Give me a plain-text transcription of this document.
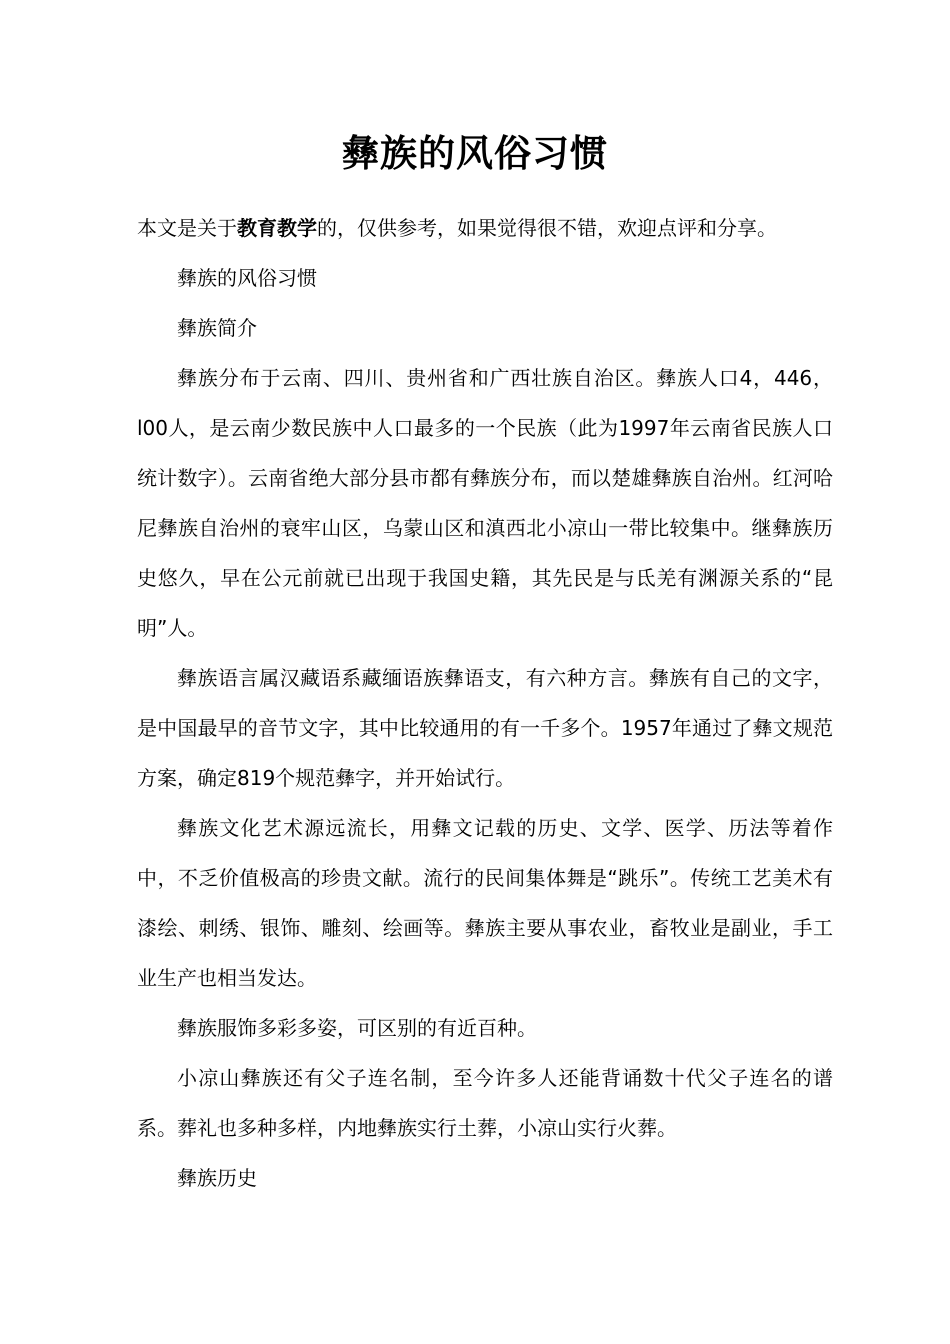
彝族的风俗习惯

本文是关于教育教学的，仅供参考，如果觉得很不错，欢迎点评和分享。

彝族的风俗习惯

彝族简介

彝族分布于云南、四川、贵州省和广西壮族自治区。彝族人口4，446，l00人，是云南少数民族中人口最多的一个民族（此为1997年云南省民族人口统计数字）。云南省绝大部分县市都有彝族分布，而以楚雄彝族自治州。红河哈尼彝族自治州的衰牢山区，乌蒙山区和滇西北小凉山一带比较集中。继彝族历史悠久，早在公元前就已出现于我国史籍，其先民是与氐羌有渊源关系的“昆明”人。

彝族语言属汉藏语系藏缅语族彝语支，有六种方言。彝族有自己的文字，是中国最早的音节文字，其中比较通用的有一千多个。1957年通过了彝文规范方案，确定819个规范彝字，并开始试行。

彝族文化艺术源远流长，用彝文记载的历史、文学、医学、历法等着作中，不乏价值极高的珍贵文献。流行的民间集体舞是“跳乐”。传统工艺美术有漆绘、刺绣、银饰、雕刻、绘画等。彝族主要从事农业，畜牧业是副业，手工业生产也相当发达。

彝族服饰多彩多姿，可区别的有近百种。

小凉山彝族还有父子连名制，至今许多人还能背诵数十代父子连名的谱系。葬礼也多种多样，内地彝族实行土葬，小凉山实行火葬。

彝族历史
